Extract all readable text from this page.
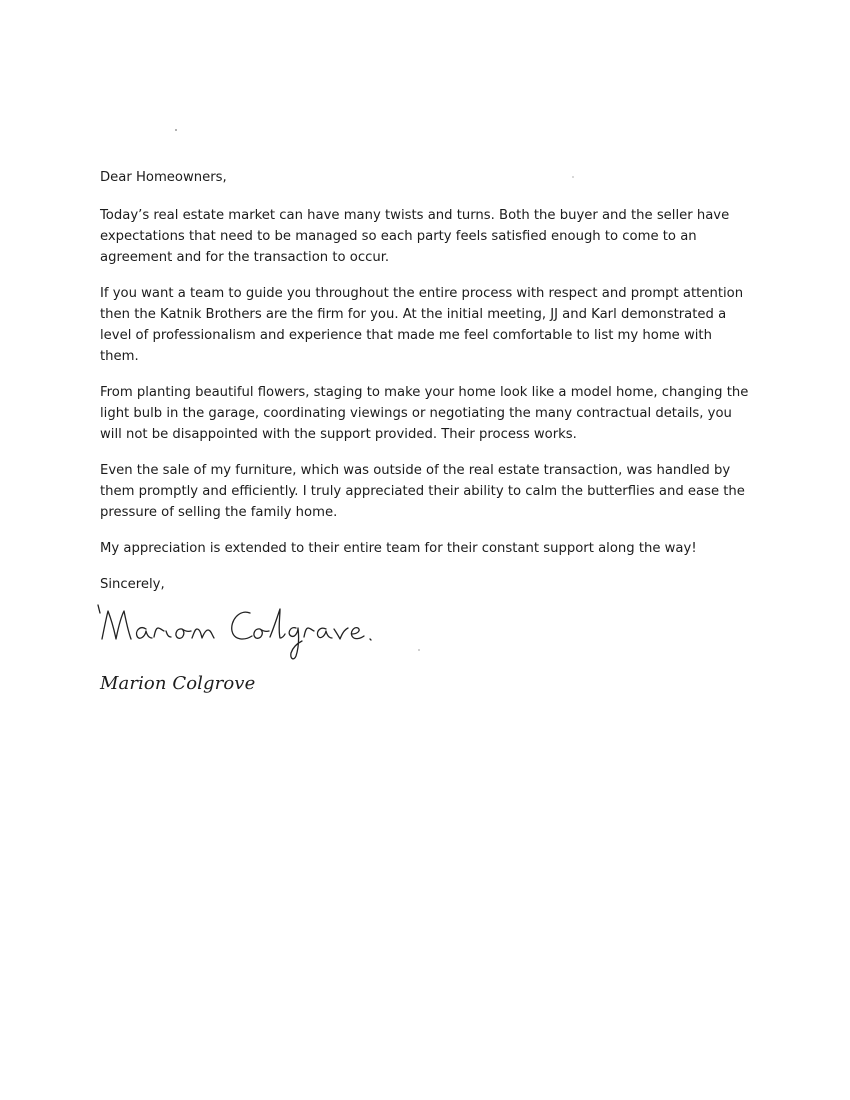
Dear Homeowners,

Today’s real estate market can have many twists and turns. Both the buyer and the seller have expectations that need to be managed so each party feels satisfied enough to come to an agreement and for the transaction to occur.

If you want a team to guide you throughout the entire process with respect and prompt attention then the Katnik Brothers are the firm for you. At the initial meeting, JJ and Karl demonstrated a level of professionalism and experience that made me feel comfortable to list my home with them.

From planting beautiful flowers, staging to make your home look like a model home, changing the light bulb in the garage, coordinating viewings or negotiating the many contractual details, you will not be disappointed with the support provided. Their process works.

Even the sale of my furniture, which was outside of the real estate transaction, was handled by them promptly and efficiently. I truly appreciated their ability to calm the butterflies and ease the pressure of selling the family home.

My appreciation is extended to their entire team for their constant support along the way!

Sincerely,

Marion Colgrove
